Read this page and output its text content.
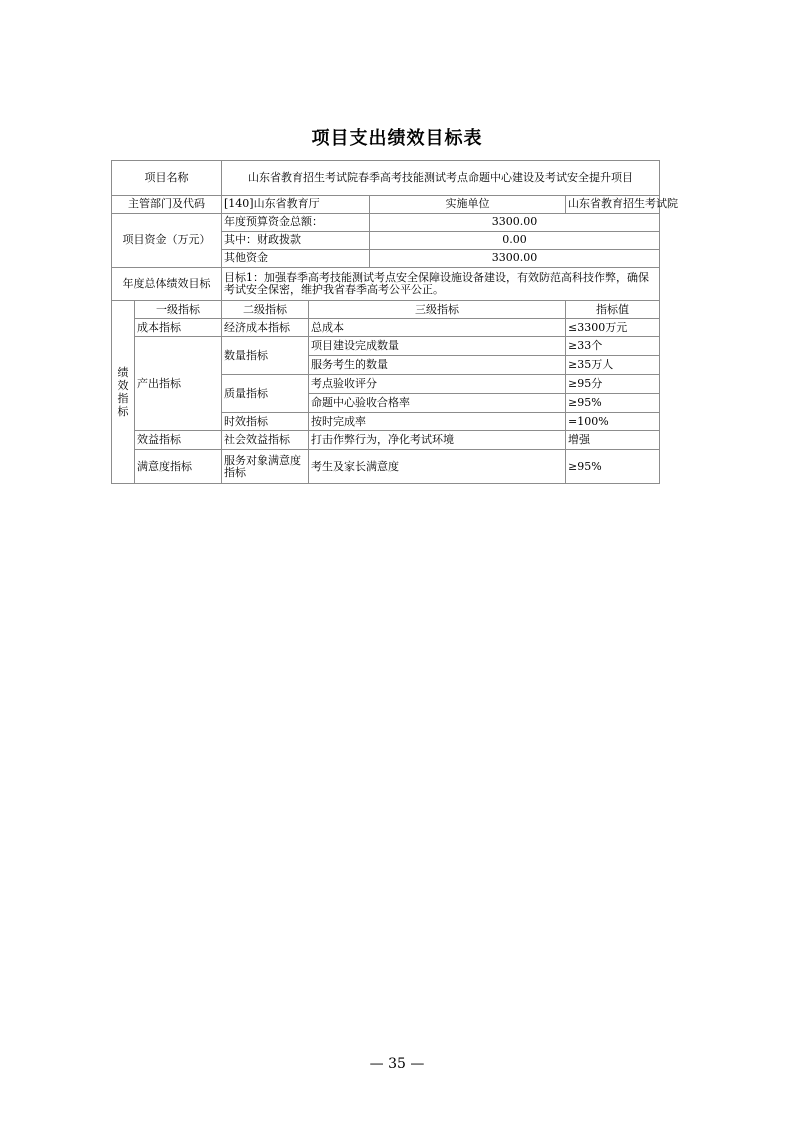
项目支出绩效目标表
项目名称		山东省教育招生考试院春季高考技能测试考点命题中心建设及考试安全提升项目			
主管部门及代码		[140]山东省教育厅		实施单位	山东省教育招生考试院
项目资金（万元）		年度预算资金总额：		3300.00	
		其中：财政拨款		0.00	
		其他资金		3300.00	
年度总体绩效目标		目标1：加强春季高考技能测试考点安全保障设施设备建设，有效防范高科技作弊，确保考试安全保密，维护我省春季高考公平公正。			

绩
效
指
标	一级指标	二级指标	三级指标		指标值
	成本指标	经济成本指标	总成本		≤3300万元
	产出指标	数量指标	项目建设完成数量		≥33个
			服务考生的数量		≥35万人
		质量指标	考点验收评分		≥95分
			命题中心验收合格率		≥95%
		时效指标	按时完成率		=100%
	效益指标	社会效益指标	打击作弊行为，净化考试环境		增强
	满意度指标	服务对象满意度指标	考生及家长满意度		≥95%
— 35 —
